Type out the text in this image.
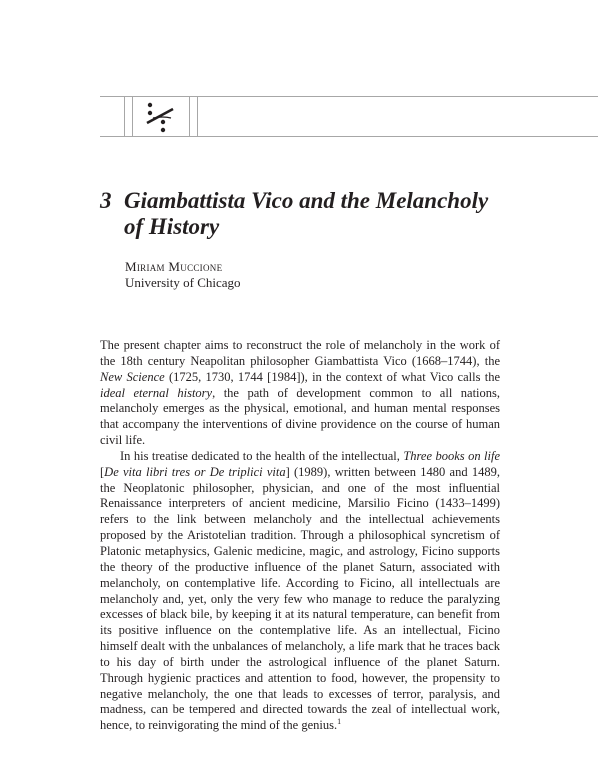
3 Giambattista Vico and the Melancholy
of History
Miriam Muccione
University of Chicago

The present chapter aims to reconstruct the role of melancholy in the work of the 18th century Neapolitan philosopher Giambattista Vico (1668–1744), the New Science (1725, 1730, 1744 [1984]), in the context of what Vico calls the ideal eternal history, the path of development common to all nations, melancholy emerges as the physical, emotional, and human mental responses that accompany the interventions of divine providence on the course of human civil life.

In his treatise dedicated to the health of the intellectual, Three books on life [De vita libri tres or De triplici vita] (1989), written between 1480 and 1489, the Neoplatonic philosopher, physician, and one of the most influential Renaissance interpreters of ancient medicine, Marsilio Ficino (1433–1499) refers to the link between melancholy and the intellectual achievements proposed by the Aristotelian tradition. Through a philosophical syncretism of Platonic metaphysics, Galenic medicine, magic, and astrology, Ficino supports the theory of the productive influence of the planet Saturn, associated with melancholy, on contemplative life. According to Ficino, all intellectuals are melancholy and, yet, only the very few who manage to reduce the paralyzing excesses of black bile, by keeping it at its natural temperature, can benefit from its positive influence on the contemplative life. As an intellectual, Ficino himself dealt with the unbalances of melancholy, a life mark that he traces back to his day of birth under the astrological influence of the planet Saturn. Through hygienic practices and attention to food, however, the propensity to negative melancholy, the one that leads to excesses of terror, paralysis, and madness, can be tempered and directed towards the zeal of intellectual work, hence, to reinvigorating the mind of the genius.$^1$
